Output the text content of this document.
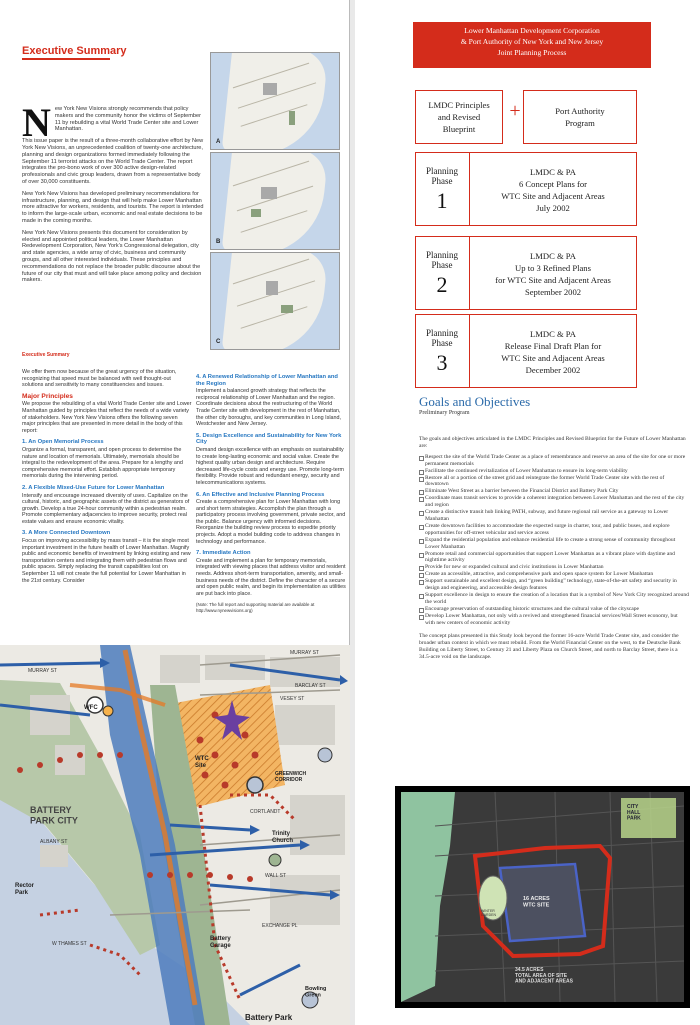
Executive Summary

New York New Visions strongly recommends that policy makers and the community honor the victims of September 11 by rebuilding a vital World Trade Center site and Lower Manhattan.

This issue paper is the result of a three-month collaborative effort by New York New Visions, an unprecedented coalition of twenty-one architecture, planning and design organizations formed immediately following the September 11 terrorist attacks on the World Trade Center. The report integrates the pro-bono work of over 300 active design-related professionals and civic group leaders, drawn from a representative body of over 30,000 constituents.

New York New Visions has developed preliminary recommendations for infrastructure, planning, and design that will help make Lower Manhattan more attractive for workers, residents, and tourists. The report is intended to inform the large-scale urban, economic and real estate decisions to be made in the coming months.

New York New Visions presents this document for consideration by elected and appointed political leaders, the Lower Manhattan Redevelopment Corporation, New York's Congressional delegation, city and state agencies, a wide array of civic, business and community groups, and all other interested individuals. These principles and recommendations do not replace the broader public discourse about the future of our city that must and will take place among policy and decision makers.

Executive Summary

We offer them now because of the great urgency of the situation, recognizing that speed must be balanced with well thought-out solutions and sensitivity to many constituencies and issues.

Major Principles

We propose the rebuilding of a vital World Trade Center site and Lower Manhattan guided by principles that reflect the needs of a wide variety of stakeholders. New York New Visions offers the following seven major principles that are presented in more detail in the body of this report:

1. An Open Memorial Process

Organize a formal, transparent, and open process to determine the nature and location of memorials. Ultimately, memorials should be integral to the redevelopment of the area. Prepare for a lengthy and comprehensive memorial effort. Establish appropriate temporary memorials during the intervening period.

2. A Flexible Mixed-Use Future for Lower Manhattan

Intensify and encourage increased diversity of uses. Capitalize on the cultural, historic, and geographic assets of the district as generators of growth. Develop a true 24-hour community within a pedestrian realm. Promote complementary adjacencies to improve security, protect real estate values and ensure economic vitality.

3. A More Connected Downtown

Focus on improving accessibility by mass transit – it is the single most important investment in the future health of Lower Manhattan. Magnify public and economic benefits of investment by linking existing and new transportation centers and integrating them with pedestrian flows and public spaces. Simply replacing the transit capabilities lost on September 11 will not create the full potential for Lower Manhattan in the 21st century. Consider

4. A Renewed Relationship of Lower Manhattan and the Region

Implement a balanced growth strategy that reflects the reciprocal relationship of Lower Manhattan and the region. Coordinate decisions about the restructuring of the World Trade Center site with development in the rest of Manhattan, the other city boroughs, and key communities in Long Island, Westchester and New Jersey.

5. Design Excellence and Sustainability for New York City

Demand design excellence with an emphasis on sustainability to create long-lasting economic and social value. Create the highest quality urban design and architecture. Require decreased life-cycle costs and energy use. Promote long-term flexibility. Provide robust and redundant energy, security and telecommunications systems.

6. An Effective and Inclusive Planning Process

Create a comprehensive plan for Lower Manhattan with long and short term strategies. Accomplish the plan through a participatory process involving government, private sector, and the public. Balance urgency with informed decisions. Reorganize the building review process to expedite priority projects. Adopt a model building code to address changes in technology and performance.

7. Immediate Action

Create and implement a plan for temporary memorials, integrated with viewing places that address visitor and resident needs. Address short-term transportation, amenity, and small-business needs of the district. Define the character of a secure and open public realm, and begin its implementation as utilities are put back into place.

(Note: The full report and supporting material are available at http://www.nynewvisions.org)

A
B
C
MURRAY ST
BARCLAY ST
VESEY ST
MURRAY ST
CORTLANDT
ALBANY ST
WALL ST
EXCHANGE PL
W THAMES ST
WFC
WTC Site
GREENWICH CORRIDOR
BATTERY PARK CITY
Rector Park
Trinity Church
Battery Garage
Bowling Green
Battery Park
Lower Manhattan Development Corporation
& Port Authority of New York and New Jersey
Joint Planning Process
LMDC Principles
and Revised
Blueprint
+	Port Authority
Program
Planning
Phase
1
LMDC & PA
6 Concept Plans for
WTC Site and Adjacent Areas
July 2002
Planning
Phase
2
LMDC & PA
Up to 3 Refined Plans
for WTC Site and Adjacent Areas
September 2002
Planning
Phase
3
LMDC & PA
Release Final Draft Plan for
WTC Site and Adjacent Areas
December 2002
Goals and Objectives
Preliminary Program

The goals and objectives articulated in the LMDC Principles and Revised Blueprint for the Future of Lower Manhattan are:

Respect the site of the World Trade Center as a place of remembrance and reserve an area of the site for one or more permanent memorials
Facilitate the continued revitalization of Lower Manhattan to ensure its long-term viability
Restore all or a portion of the street grid and reintegrate the former World Trade Center site with the rest of downtown
Eliminate West Street as a barrier between the Financial District and Battery Park City
Coordinate mass transit services to provide a coherent integration between Lower Manhattan and the rest of the city and region
Create a distinctive transit hub linking PATH, subway, and future regional rail service as a gateway to Lower Manhattan
Create downtown facilities to accommodate the expected surge in charter, tour, and public buses, and explore opportunities for off-street vehicular and service access
Expand the residential population and enhance residential life to create a strong sense of community throughout Lower Manhattan
Promote retail and commercial opportunities that support Lower Manhattan as a vibrant place with daytime and nighttime activity
Provide for new or expanded cultural and civic institutions in Lower Manhattan
Create an accessible, attractive, and comprehensive park and open space system for Lower Manhattan
Support sustainable and excellent design, and “green building” technology, state-of-the-art safety and security in design and engineering, and accessible design features
Support excellence in design to ensure the creation of a location that is a symbol of New York City recognized around the world
Encourage preservation of outstanding historic structures and the cultural value of the cityscape
Develop Lower Manhattan, not only with a revived and strengthened financial services/Wall Street economy, but with new centers of economic activity

The concept plans presented in this Study look beyond the former 16-acre World Trade Center site, and consider the broader urban context in which we must rebuild. From the World Financial Center on the west, to the Deutsche Bank Building on Liberty Street, to Century 21 and Liberty Plaza on Church Street, and north to Barclay Street, there is a 34.5-acre void on the landscape.

CITY HALL PARK
16 ACRES WTC SITE
34.5 ACRES TOTAL AREA OF SITE AND ADJACENT AREAS
WINTER GARDEN
